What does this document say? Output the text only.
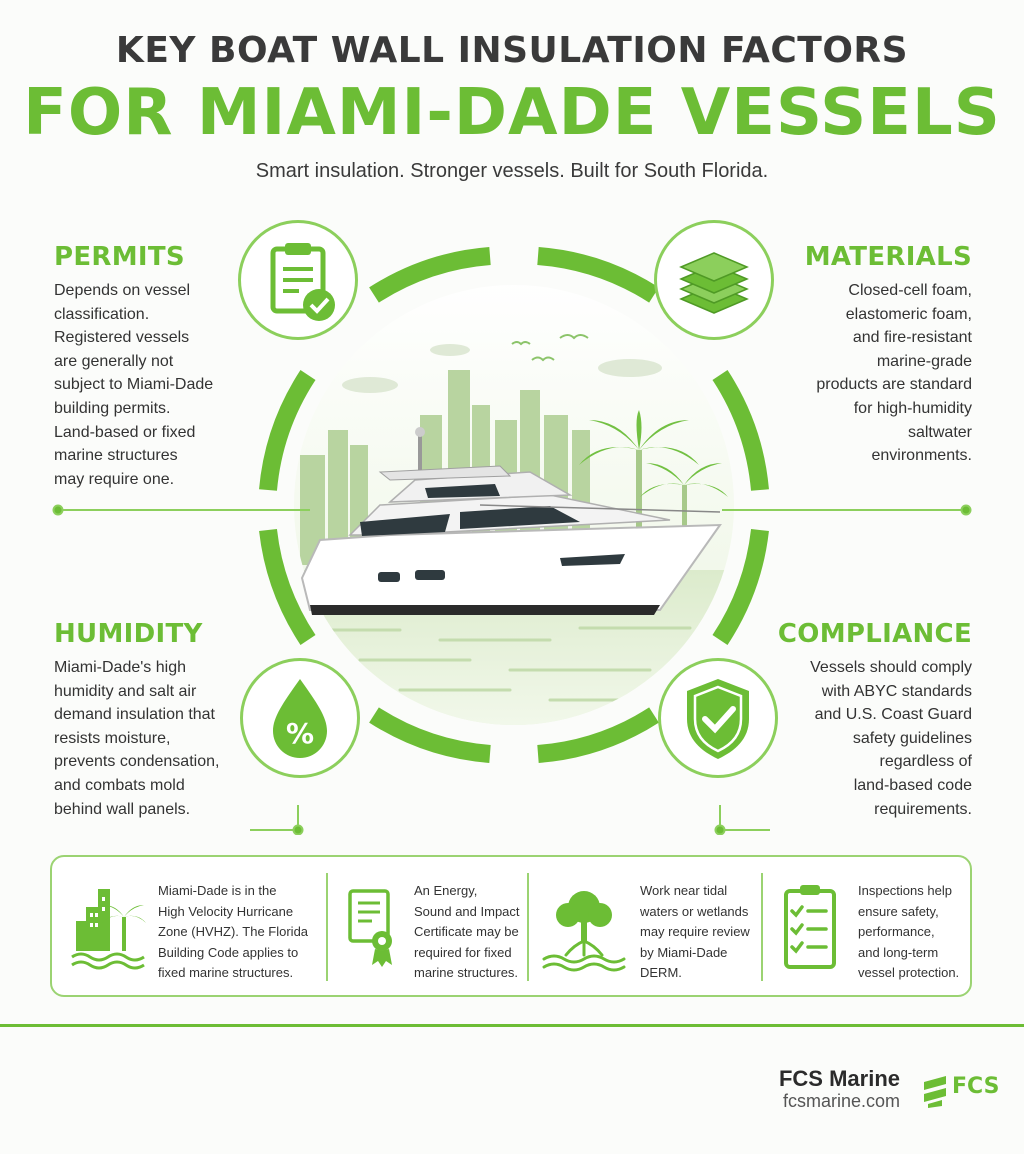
KEY BOAT WALL INSULATION FACTORS
FOR MIAMI-DADE VESSELS
Smart insulation. Stronger vessels. Built for South Florida.
%
PERMITS
Depends on vessel
classification.
Registered vessels
are generally not
subject to Miami-Dade
building permits.
Land-based or fixed
marine structures
may require one.
MATERIALS
Closed-cell foam,
elastomeric foam,
and fire-resistant
marine-grade
products are standard
for high-humidity
saltwater
environments.
HUMIDITY
Miami-Dade's high
humidity and salt air
demand insulation that
resists moisture,
prevents condensation,
and combats mold
behind wall panels.
COMPLIANCE
Vessels should comply
with ABYC standards
and U.S. Coast Guard
safety guidelines
regardless of
land-based code
requirements.
Miami-Dade is in the
High Velocity Hurricane
Zone (HVHZ). The Florida
Building Code applies to
fixed marine structures.
An Energy,
Sound and Impact
Certificate may be
required for fixed
marine structures.
Work near tidal
waters or wetlands
may require review
by Miami-Dade
DERM.
Inspections help
ensure safety,
performance,
and long-term
vessel protection.
FCS Marine
fcsmarine.com
FCS
